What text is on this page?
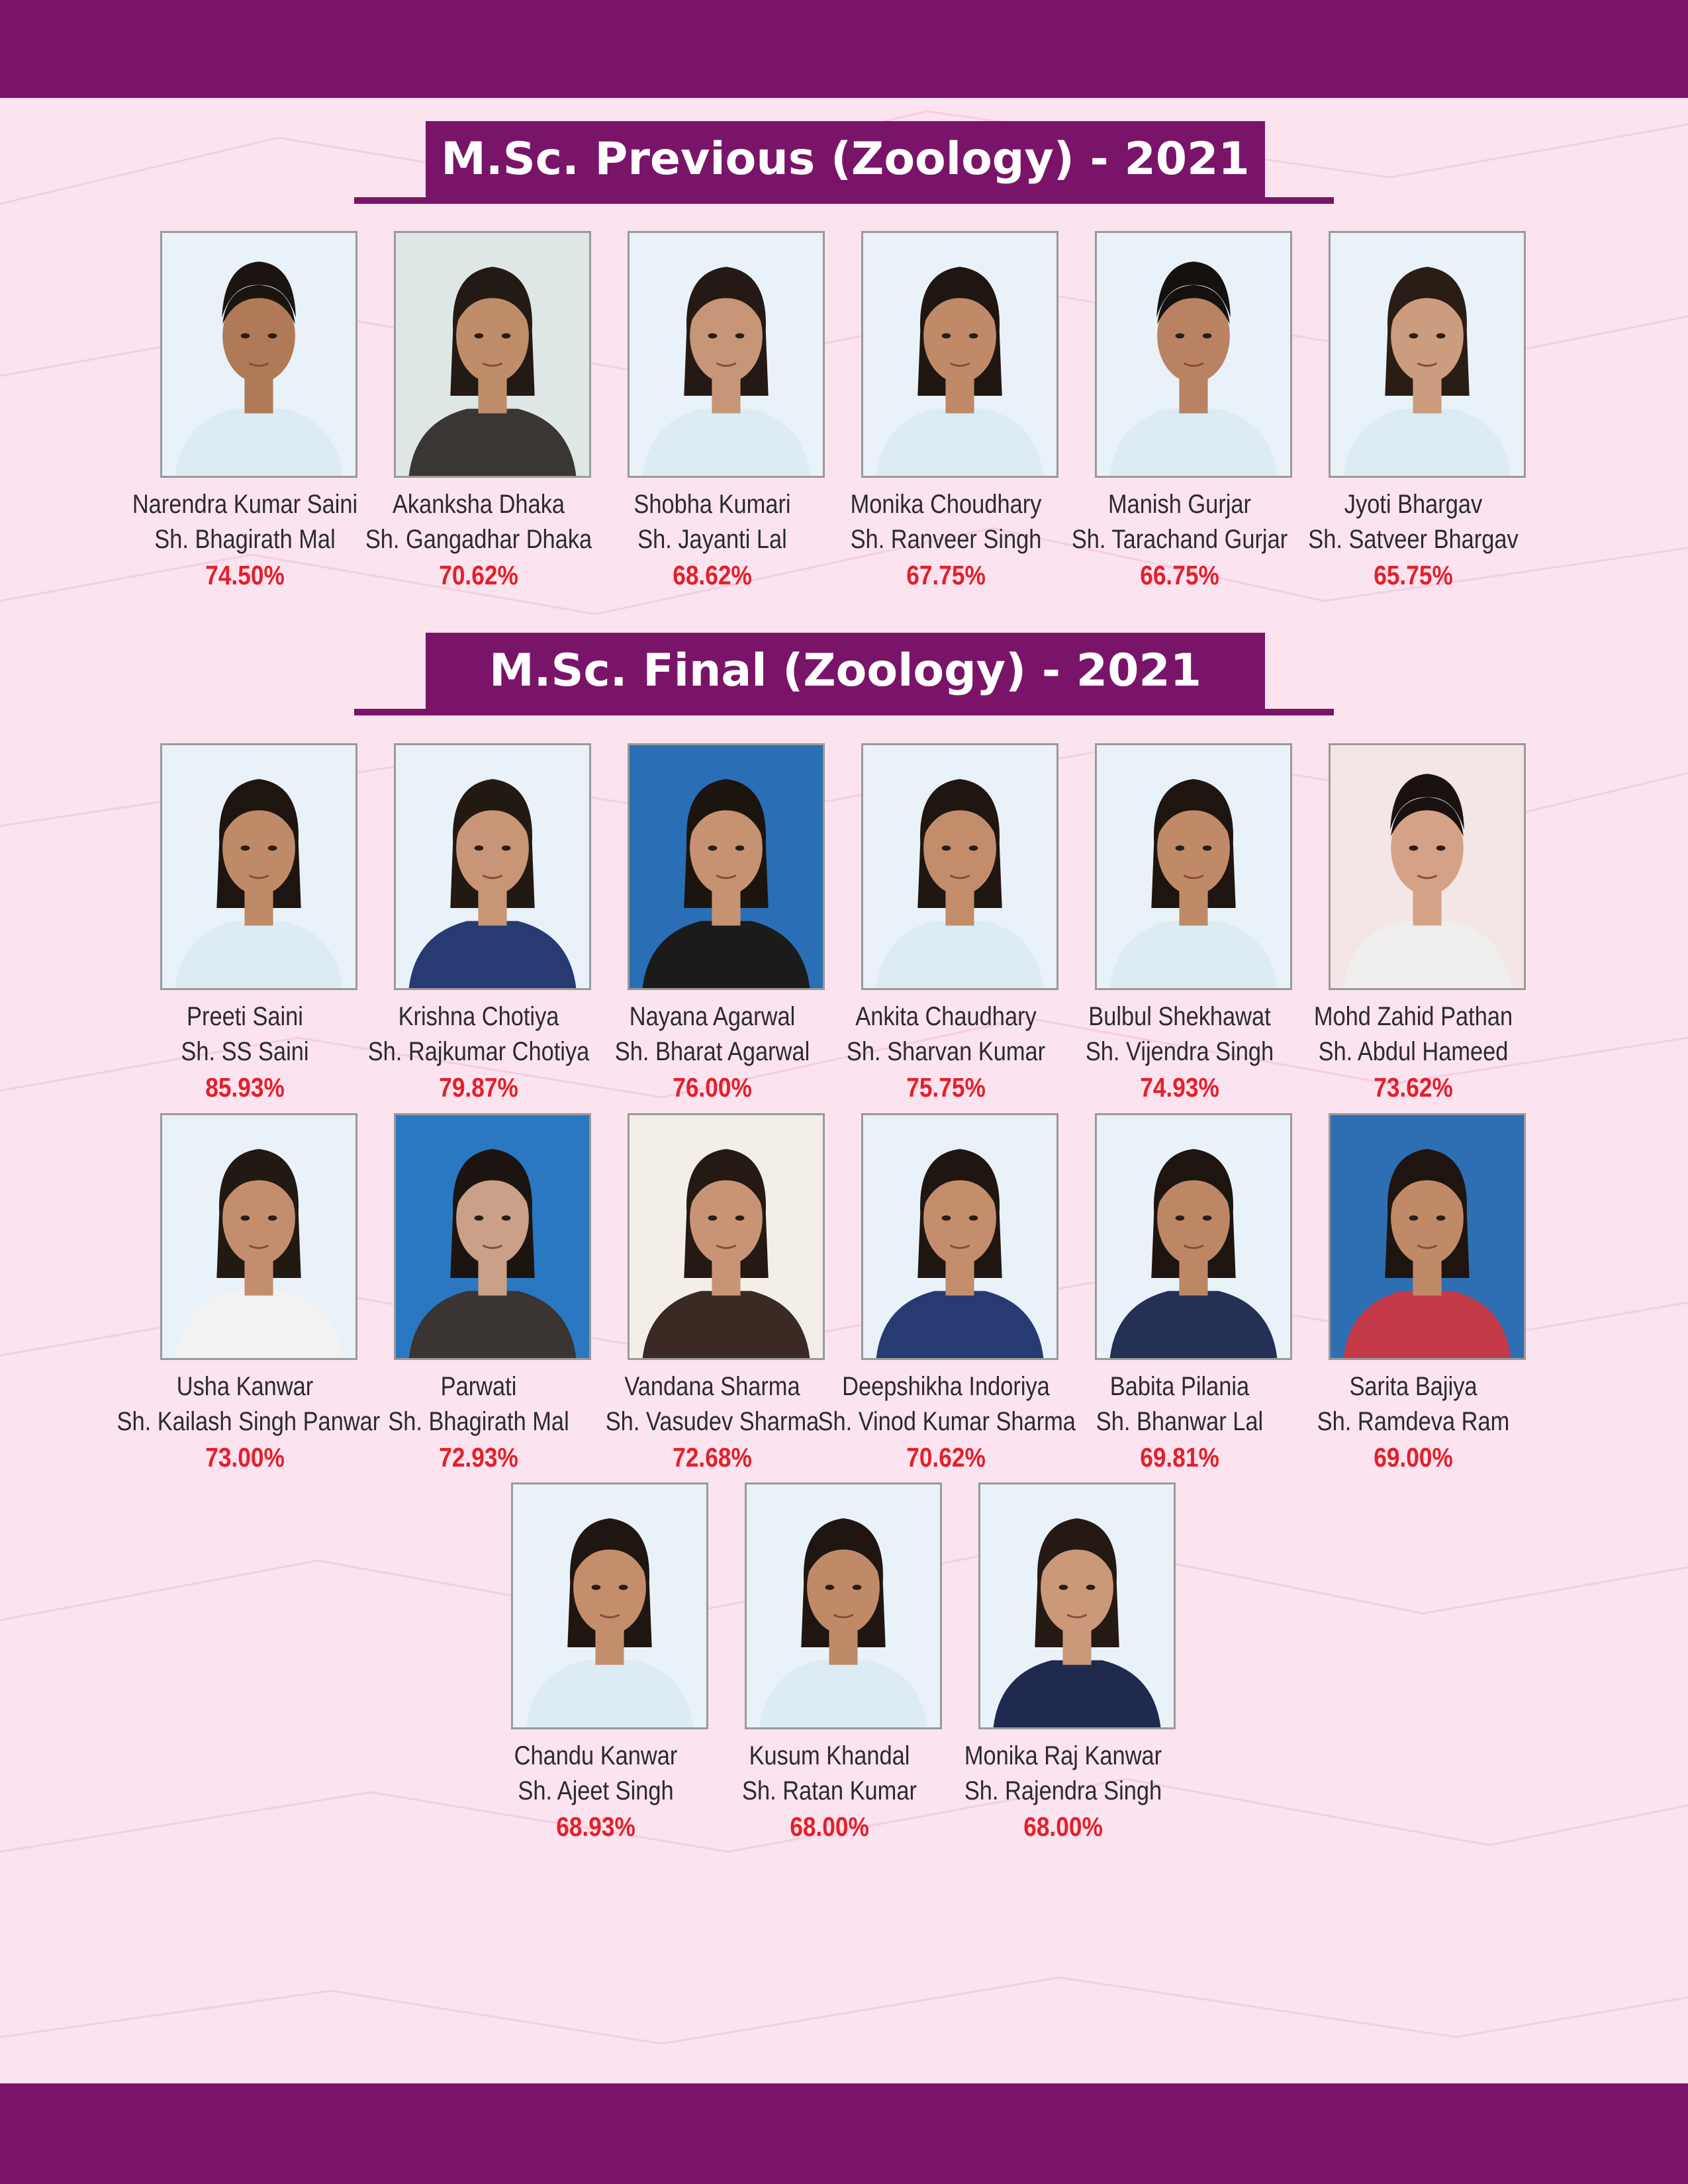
M.Sc. Previous (Zoology) - 2021
M.Sc. Final (Zoology) - 2021
Narendra Kumar Saini
Sh. Bhagirath Mal
74.50%
Akanksha Dhaka
Sh. Gangadhar Dhaka
70.62%
Shobha Kumari
Sh. Jayanti Lal
68.62%
Monika Choudhary
Sh. Ranveer Singh
67.75%
Manish Gurjar
Sh. Tarachand Gurjar
66.75%
Jyoti Bhargav
Sh. Satveer Bhargav
65.75%
Preeti Saini
Sh. SS Saini
85.93%
Krishna Chotiya
Sh. Rajkumar Chotiya
79.87%
Nayana Agarwal
Sh. Bharat Agarwal
76.00%
Ankita Chaudhary
Sh. Sharvan Kumar
75.75%
Bulbul Shekhawat
Sh. Vijendra Singh
74.93%
Mohd Zahid Pathan
Sh. Abdul Hameed
73.62%
Usha Kanwar
Sh. Kailash Singh Panwar
73.00%
Parwati
Sh. Bhagirath Mal
72.93%
Vandana Sharma
Sh. Vasudev Sharma
72.68%
Deepshikha Indoriya
Sh. Vinod Kumar Sharma
70.62%
Babita Pilania
Sh. Bhanwar Lal
69.81%
Sarita Bajiya
Sh. Ramdeva Ram
69.00%
Chandu Kanwar
Sh. Ajeet Singh
68.93%
Kusum Khandal
Sh. Ratan Kumar
68.00%
Monika Raj Kanwar
Sh. Rajendra Singh
68.00%
